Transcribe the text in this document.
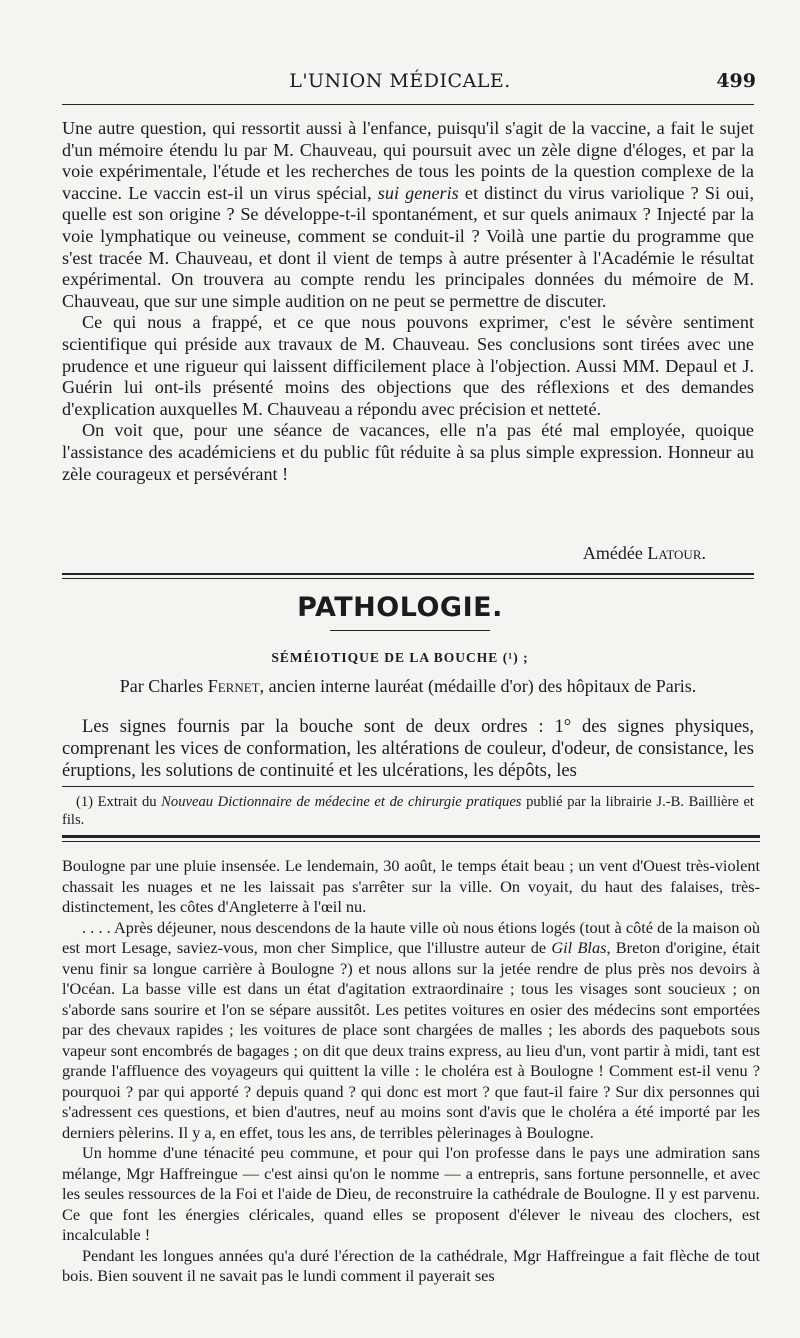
L'UNION MÉDICALE.	499

Une autre question, qui ressortit aussi à l'enfance, puisqu'il s'agit de la vaccine, a fait le sujet d'un mémoire étendu lu par M. Chauveau, qui poursuit avec un zèle digne d'éloges, et par la voie expérimentale, l'étude et les recherches de tous les points de la question complexe de la vaccine. Le vaccin est-il un virus spécial, sui generis et distinct du virus variolique ? Si oui, quelle est son origine ? Se développe-t-il spontanément, et sur quels animaux ? Injecté par la voie lymphatique ou veineuse, comment se conduit-il ? Voilà une partie du programme que s'est tracée M. Chauveau, et dont il vient de temps à autre présenter à l'Académie le résultat expérimental. On trouvera au compte rendu les principales données du mémoire de M. Chauveau, que sur une simple audition on ne peut se permettre de discuter.

Ce qui nous a frappé, et ce que nous pouvons exprimer, c'est le sévère sentiment scientifique qui préside aux travaux de M. Chauveau. Ses conclusions sont tirées avec une prudence et une rigueur qui laissent difficilement place à l'objection. Aussi MM. Depaul et J. Guérin lui ont-ils présenté moins des objections que des réflexions et des demandes d'explication auxquelles M. Chauveau a répondu avec précision et netteté.

On voit que, pour une séance de vacances, elle n'a pas été mal employée, quoique l'assistance des académiciens et du public fût réduite à sa plus simple expression. Honneur au zèle courageux et persévérant !

Amédée Latour.
PATHOLOGIE.
SÉMÉIOTIQUE DE LA BOUCHE (¹) ;
Par Charles Fernet, ancien interne lauréat (médaille d'or) des hôpitaux de Paris.

Les signes fournis par la bouche sont de deux ordres : 1° des signes physiques, comprenant les vices de conformation, les altérations de couleur, d'odeur, de consistance, les éruptions, les solutions de continuité et les ulcérations, les dépôts, les

(1) Extrait du Nouveau Dictionnaire de médecine et de chirurgie pratiques publié par la librairie J.-B. Baillière et fils.

Boulogne par une pluie insensée. Le lendemain, 30 août, le temps était beau ; un vent d'Ouest très-violent chassait les nuages et ne les laissait pas s'arrêter sur la ville. On voyait, du haut des falaises, très-distinctement, les côtes d'Angleterre à l'œil nu.

. . . . Après déjeuner, nous descendons de la haute ville où nous étions logés (tout à côté de la maison où est mort Lesage, saviez-vous, mon cher Simplice, que l'illustre auteur de Gil Blas, Breton d'origine, était venu finir sa longue carrière à Boulogne ?) et nous allons sur la jetée rendre de plus près nos devoirs à l'Océan. La basse ville est dans un état d'agitation extraordinaire ; tous les visages sont soucieux ; on s'aborde sans sourire et l'on se sépare aussitôt. Les petites voitures en osier des médecins sont emportées par des chevaux rapides ; les voitures de place sont chargées de malles ; les abords des paquebots sous vapeur sont encombrés de bagages ; on dit que deux trains express, au lieu d'un, vont partir à midi, tant est grande l'affluence des voyageurs qui quittent la ville : le choléra est à Boulogne ! Comment est-il venu ? pourquoi ? par qui apporté ? depuis quand ? qui donc est mort ? que faut-il faire ? Sur dix personnes qui s'adressent ces questions, et bien d'autres, neuf au moins sont d'avis que le choléra a été importé par les derniers pèlerins. Il y a, en effet, tous les ans, de terribles pèlerinages à Boulogne.

Un homme d'une ténacité peu commune, et pour qui l'on professe dans le pays une admiration sans mélange, Mgr Haffreingue — c'est ainsi qu'on le nomme — a entrepris, sans fortune personnelle, et avec les seules ressources de la Foi et l'aide de Dieu, de reconstruire la cathédrale de Boulogne. Il y est parvenu. Ce que font les énergies cléricales, quand elles se proposent d'élever le niveau des clochers, est incalculable !

Pendant les longues années qu'a duré l'érection de la cathédrale, Mgr Haffreingue a fait flèche de tout bois. Bien souvent il ne savait pas le lundi comment il payerait ses
